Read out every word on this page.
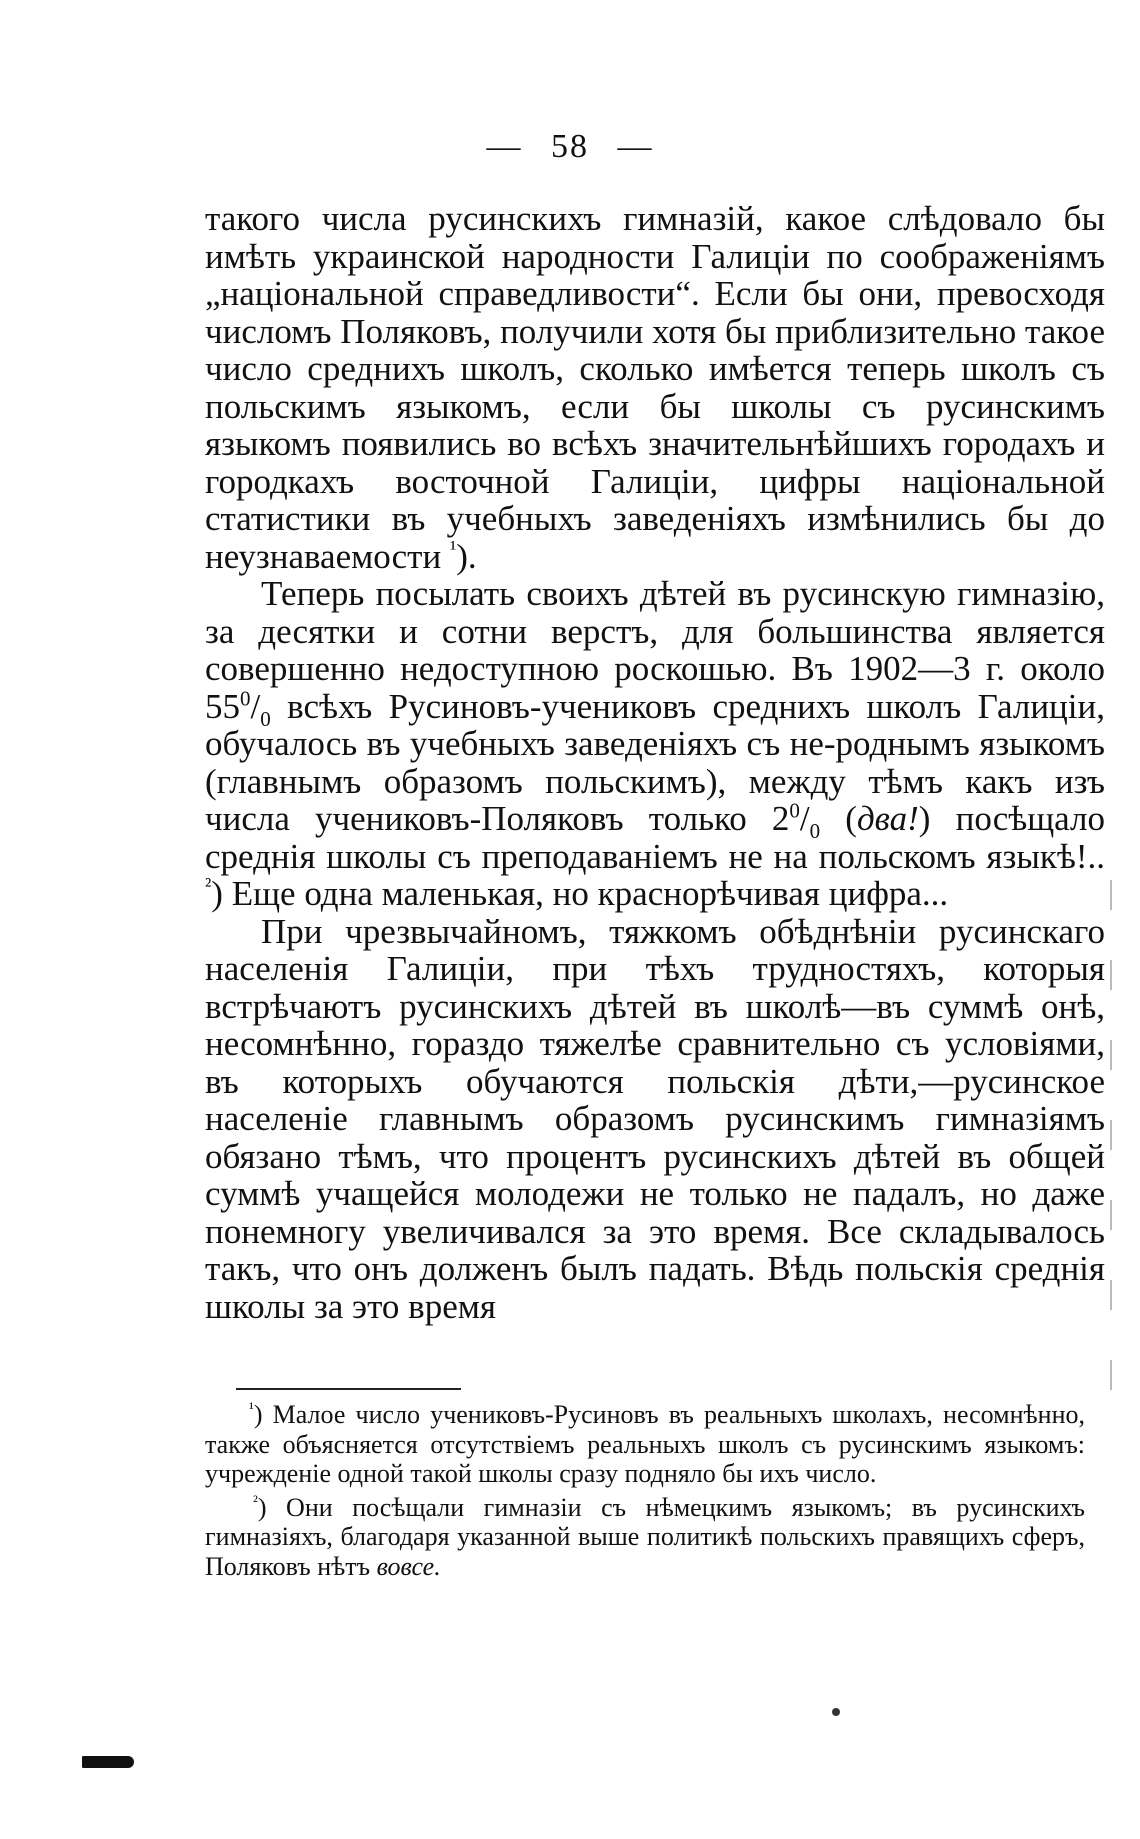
— 58 —

такого числа русинскихъ гимназій, какое слѣдовало бы имѣть украинской народности Галиціи по соображеніямъ „національной справедливости“. Если бы они, превосходя числомъ Поляковъ, получили хотя бы приблизительно такое число среднихъ школъ, сколько имѣется теперь школъ съ польскимъ языкомъ, если бы школы съ русинскимъ языкомъ появились во всѣхъ значительнѣйшихъ городахъ и городкахъ восточной Галиціи, цифры національной статистики въ учебныхъ заведеніяхъ измѣнились бы до неузнаваемости $^{^1}$).

Теперь посылать своихъ дѣтей въ русинскую гимназію, за десятки и сотни верстъ, для большинства является совершенно недоступною роскошью. Въ 1902—3 г. около $55^0/_0$ всѣхъ Русиновъ-учениковъ среднихъ школъ Галиціи, обучалось въ учебныхъ заведеніяхъ съ не-роднымъ языкомъ (главнымъ образомъ польскимъ), между тѣмъ какъ изъ числа учениковъ-Поляковъ только $2^0/_0$ (два!) посѣщало среднія школы съ преподаваніемъ не на польскомъ языкѣ!.. $^{^2}$) Еще одна маленькая, но краснорѣчивая цифра...

При чрезвычайномъ, тяжкомъ обѣднѣніи русинскаго населенія Галиціи, при тѣхъ трудностяхъ, которыя встрѣчаютъ русинскихъ дѣтей въ школѣ—въ суммѣ онѣ, несомнѣнно, гораздо тяжелѣе сравнительно съ условіями, въ которыхъ обучаются польскія дѣти,—русинское населеніе главнымъ образомъ русинскимъ гимназіямъ обязано тѣмъ, что процентъ русинскихъ дѣтей въ общей суммѣ учащейся молодежи не только не падалъ, но даже понемногу увеличивался за это время. Все складывалось такъ, что онъ долженъ былъ падать. Вѣдь польскія среднія школы за это время

$^{^1}$) Малое число учениковъ-Русиновъ въ реальныхъ школахъ, несомнѣнно, также объясняется отсутствіемъ реальныхъ школъ съ русинскимъ языкомъ: учрежденіе одной такой школы сразу подняло бы ихъ число.

$^{^2}$) Они посѣщали гимназіи съ нѣмецкимъ языкомъ; въ русинскихъ гимназіяхъ, благодаря указанной выше политикѣ польскихъ правящихъ сферъ, Поляковъ нѣтъ вовсе.
